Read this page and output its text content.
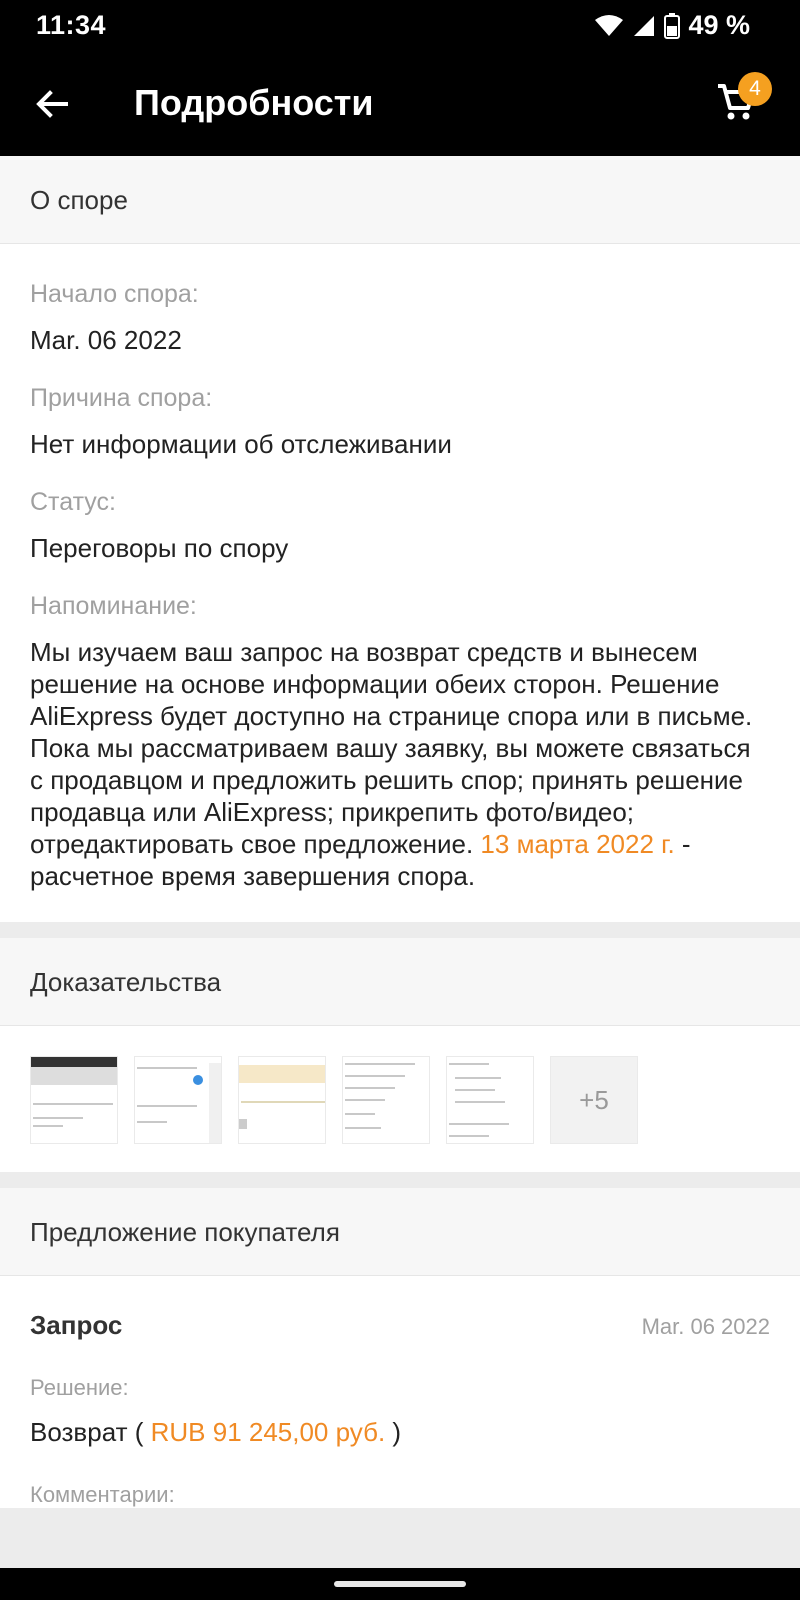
11:34	49 %
Подробности	4
О споре
Начало спора:
Mar. 06 2022
Причина спора:
Нет информации об отслеживании
Статус:
Переговоры по спору
Напоминание:
Мы изучаем ваш запрос на возврат средств и вынесем решение на основе информации обеих сторон. Решение AliExpress будет доступно на странице спора или в письме. Пока мы рассматриваем вашу заявку, вы можете связаться с продавцом и предложить решить спор; принять решение продавца или AliExpress; прикрепить фото/видео; отредактировать свое предложение. 13 марта 2022 г. - расчетное время завершения спора.
Доказательства
+5
Предложение покупателя
Запрос	Mar. 06 2022
Решение:
Возврат ( RUB 91 245,00 руб. )
Комментарии:
